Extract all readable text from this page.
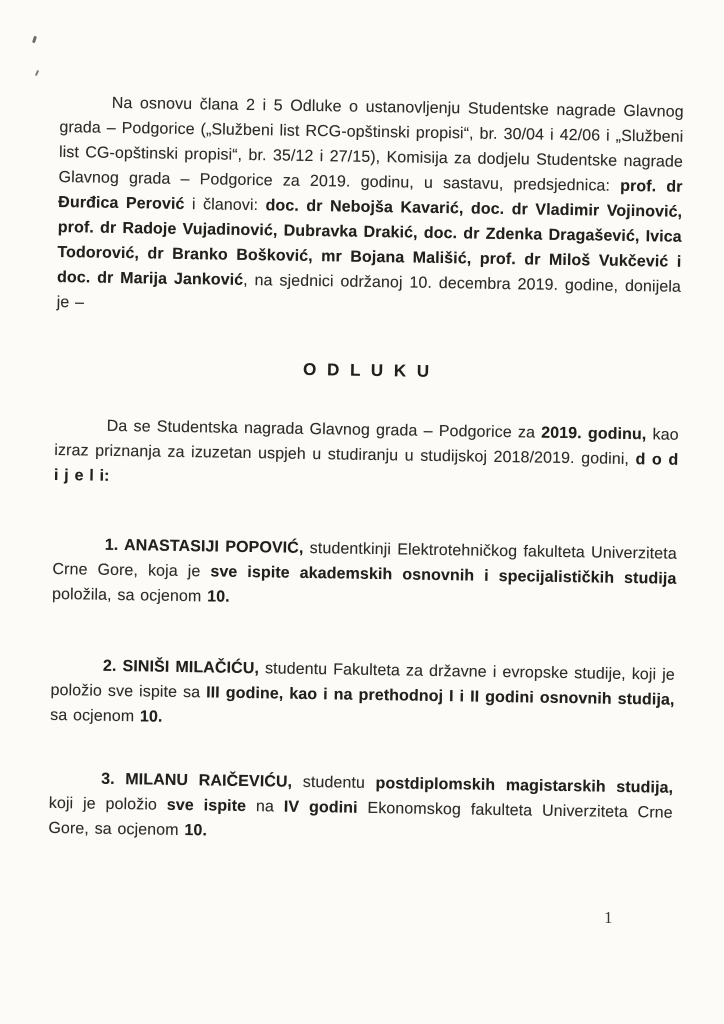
Na osnovu člana 2 i 5 Odluke o ustanovljenju Studentske nagrade Glavnog grada – Podgorice („Službeni list RCG-opštinski propisi“, br. 30/04 i 42/06 i „Službeni list CG-opštinski propisi“, br. 35/12 i 27/15), Komisija za dodjelu Studentske nagrade Glavnog grada – Podgorice za 2019. godinu, u sastavu, predsjednica: prof. dr Đurđica Perović i članovi: doc. dr Nebojša Kavarić, doc. dr Vladimir Vojinović, prof. dr Radoje Vujadinović, Dubravka Drakić, doc. dr Zdenka Dragašević, Ivica Todorović, dr Branko Bošković, mr Bojana Mališić, prof. dr Miloš Vukčević i doc. dr Marija Janković, na sjednici održanoj 10. decembra 2019. godine, donijela je –

O D L U K U

Da se Studentska nagrada Glavnog grada – Podgorice za 2019. godinu, kao izraz priznanja za izuzetan uspjeh u studiranju u studijskoj 2018/2019. godini, d o d i j e l i:

1. ANASTASIJI POPOVIĆ, studentkinji Elektrotehničkog fakulteta Univerziteta Crne Gore, koja je sve ispite akademskih osnovnih i specijalističkih studija položila, sa ocjenom 10.

2. SINIŠI MILAČIĆU, studentu Fakulteta za državne i evropske studije, koji je položio sve ispite sa III godine, kao i na prethodnoj I i II godini osnovnih studija, sa ocjenom 10.

3. MILANU RAIČEVIĆU, studentu postdiplomskih magistarskih studija, koji je položio sve ispite na IV godini Ekonomskog fakulteta Univerziteta Crne Gore, sa ocjenom 10.

1
